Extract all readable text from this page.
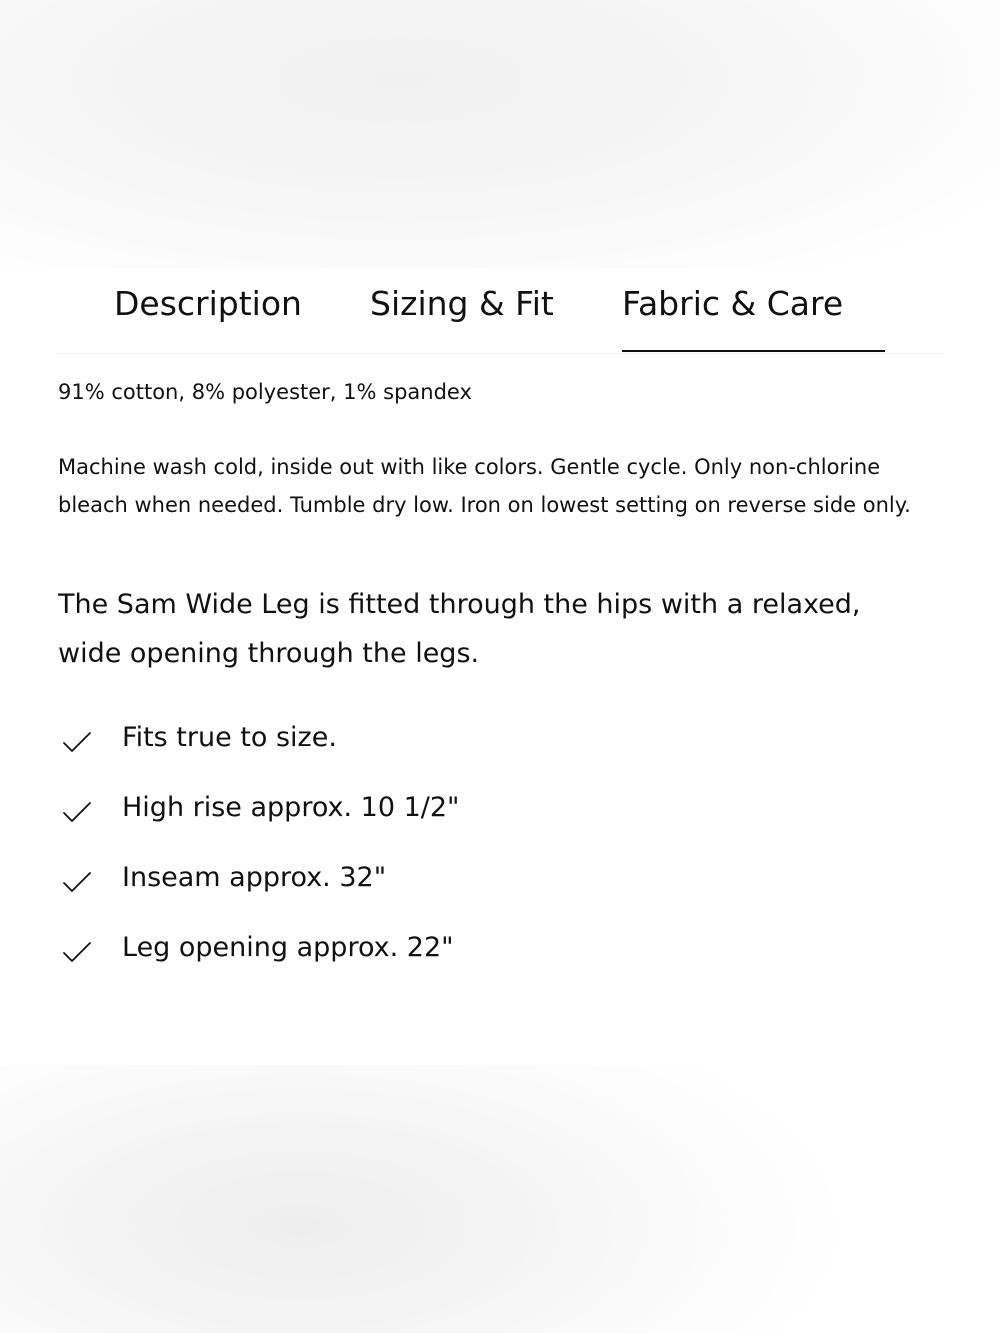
Description Sizing & Fit Fabric & Care

91% cotton, 8% polyester, 1% spandex

Machine wash cold, inside out with like colors. Gentle cycle. Only non-chlorine bleach when needed. Tumble dry low. Iron on lowest setting on reverse side only.

The Sam Wide Leg is fitted through the hips with a relaxed, wide opening through the legs.

Fits true to size.
High rise approx. 10 1/2"
Inseam approx. 32"
Leg opening approx. 22"
